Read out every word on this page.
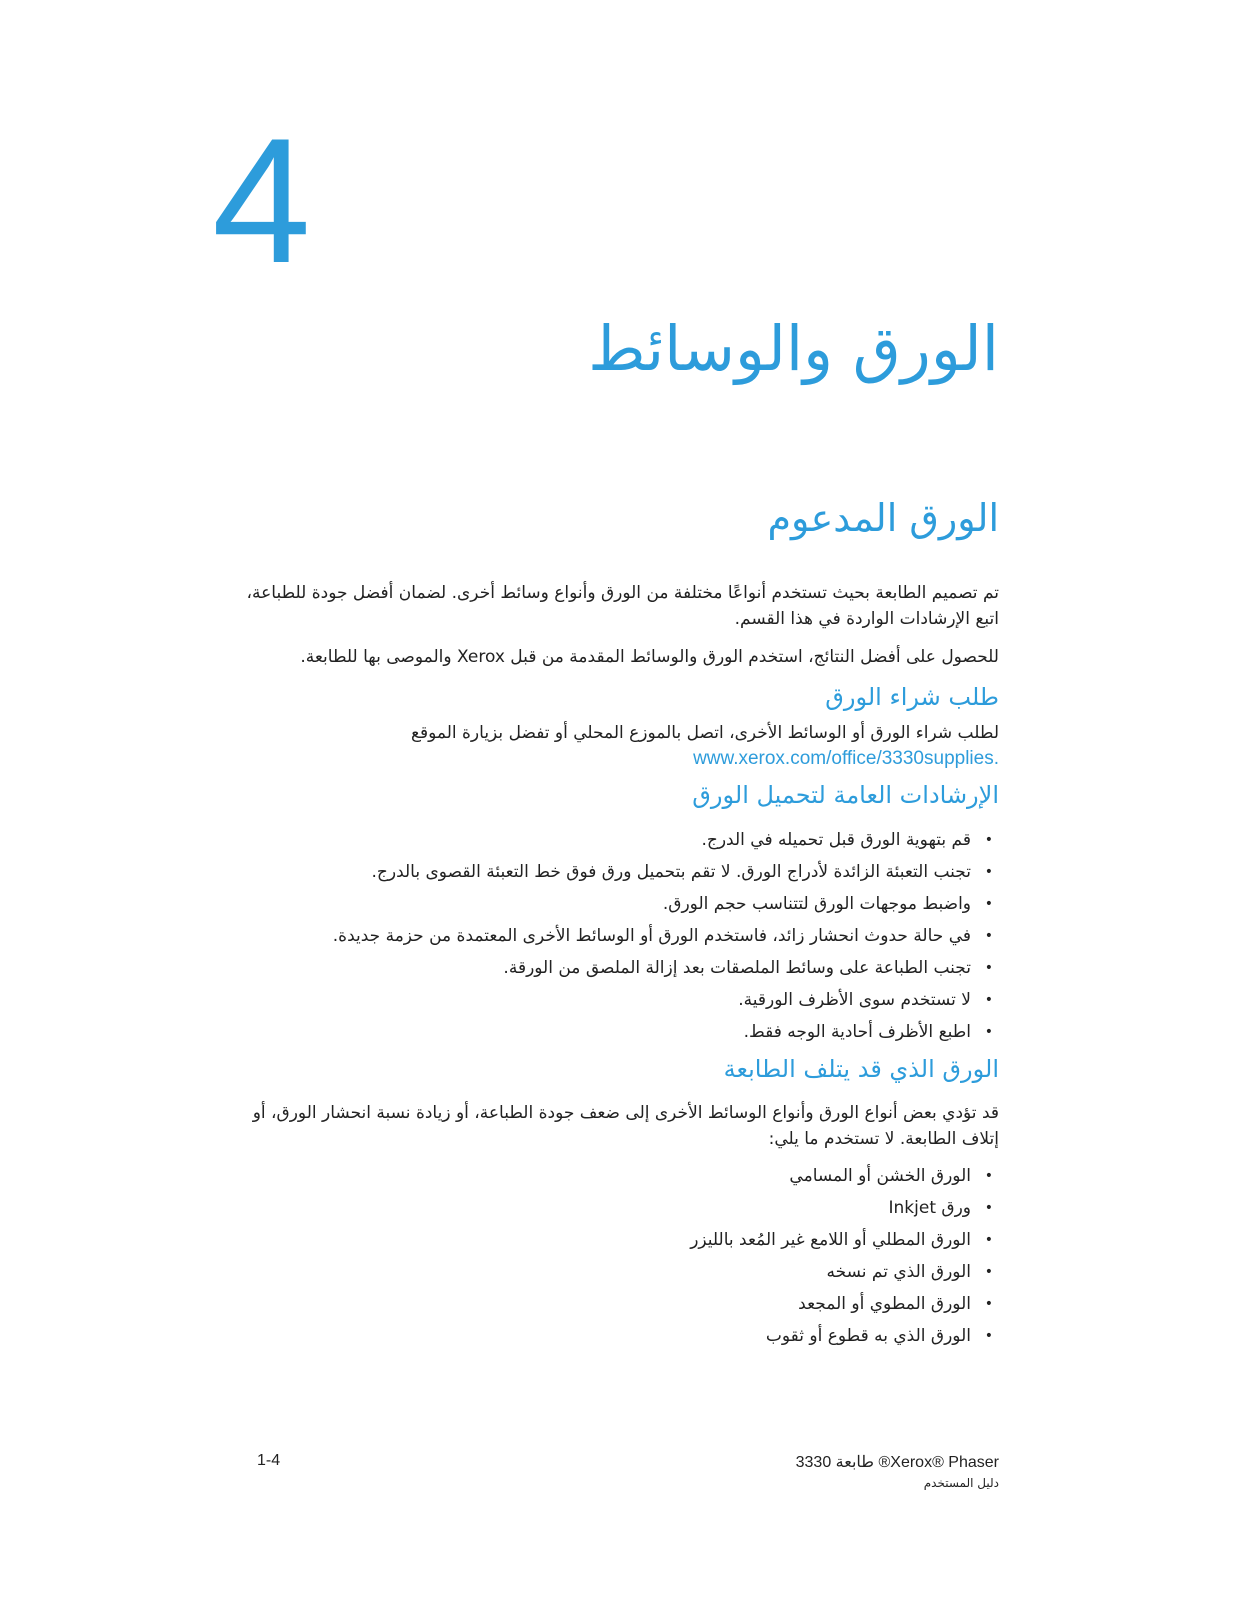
4
الورق والوسائط
الورق المدعوم

تم تصميم الطابعة بحيث تستخدم أنواعًا مختلفة من الورق وأنواع وسائط أخرى. لضمان أفضل جودة للطباعة، اتبع الإرشادات الواردة في هذا القسم.

للحصول على أفضل النتائج، استخدم الورق والوسائط المقدمة من قبل Xerox والموصى بها للطابعة.

طلب شراء الورق

لطلب شراء الورق أو الوسائط الأخرى، اتصل بالموزع المحلي أو تفضل بزيارة الموقع

www.xerox.com/office/3330supplies.

الإرشادات العامة لتحميل الورق
•
قم بتهوية الورق قبل تحميله في الدرج.
•
تجنب التعبئة الزائدة لأدراج الورق. لا تقم بتحميل ورق فوق خط التعبئة القصوى بالدرج.
•
واضبط موجهات الورق لتتناسب حجم الورق.
•
في حالة حدوث انحشار زائد، فاستخدم الورق أو الوسائط الأخرى المعتمدة من حزمة جديدة.
•
تجنب الطباعة على وسائط الملصقات بعد إزالة الملصق من الورقة.
•
لا تستخدم سوى الأظرف الورقية.
•
اطبع الأظرف أحادية الوجه فقط.
الورق الذي قد يتلف الطابعة

قد تؤدي بعض أنواع الورق وأنواع الوسائط الأخرى إلى ضعف جودة الطباعة، أو زيادة نسبة انحشار الورق، أو إتلاف الطابعة. لا تستخدم ما يلي:

•
الورق الخشن أو المسامي
•
ورق Inkjet
•
الورق المطلي أو اللامع غير المُعد بالليزر
•
الورق الذي تم نسخه
•
الورق المطوي أو المجعد
•
الورق الذي به قطوع أو ثقوب
1-4	Xerox® Phaser® طابعة 3330
دليل المستخدم
